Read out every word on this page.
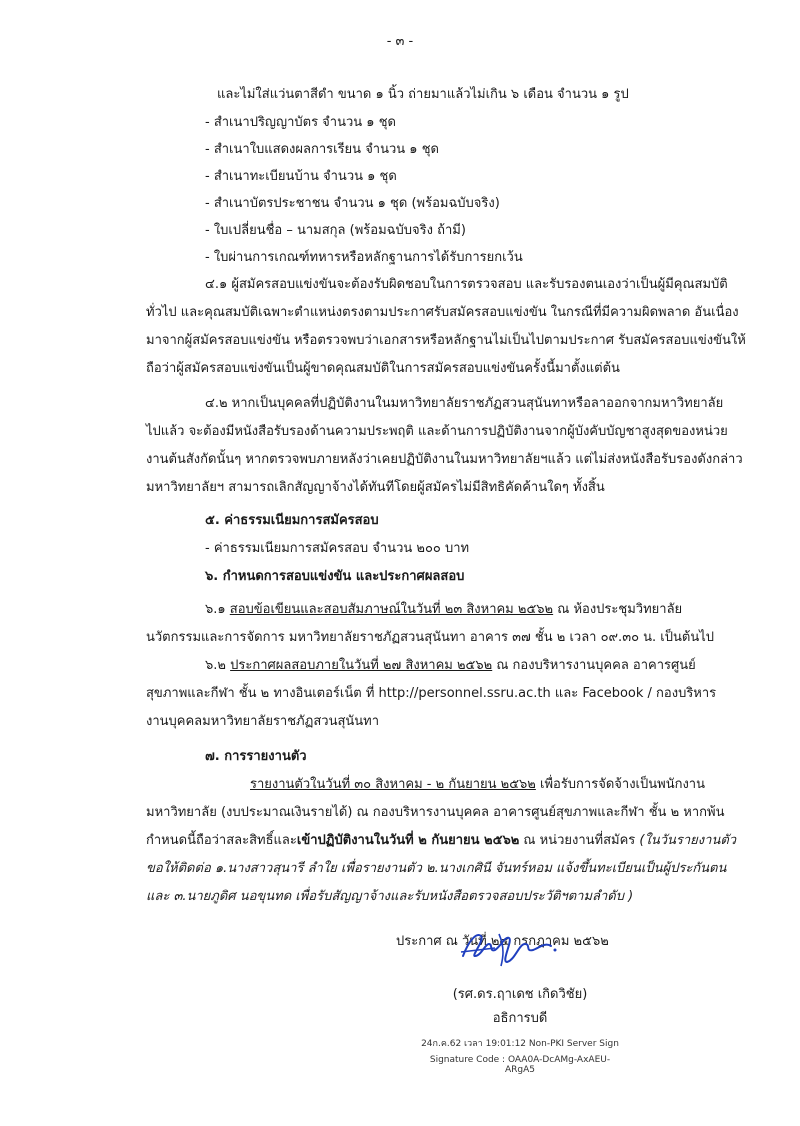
- ๓ -
และไม่ใส่แว่นตาสีดำ ขนาด ๑ นิ้ว ถ่ายมาแล้วไม่เกิน ๖ เดือน จำนวน ๑ รูป
- สำเนาปริญญาบัตร จำนวน ๑ ชุด
- สำเนาใบแสดงผลการเรียน จำนวน ๑ ชุด
- สำเนาทะเบียนบ้าน จำนวน ๑ ชุด
- สำเนาบัตรประชาชน จำนวน ๑ ชุด (พร้อมฉบับจริง)
- ใบเปลี่ยนชื่อ – นามสกุล (พร้อมฉบับจริง ถ้ามี)
- ใบผ่านการเกณฑ์ทหารหรือหลักฐานการได้รับการยกเว้น
๔.๑ ผู้สมัครสอบแข่งขันจะต้องรับผิดชอบในการตรวจสอบ และรับรองตนเองว่าเป็นผู้มีคุณสมบัติ
ทั่วไป และคุณสมบัติเฉพาะตำแหน่งตรงตามประกาศรับสมัครสอบแข่งขัน ในกรณีที่มีความผิดพลาด อันเนื่อง
มาจากผู้สมัครสอบแข่งขัน หรือตรวจพบว่าเอกสารหรือหลักฐานไม่เป็นไปตามประกาศ รับสมัครสอบแข่งขันให้
ถือว่าผู้สมัครสอบแข่งขันเป็นผู้ขาดคุณสมบัติในการสมัครสอบแข่งขันครั้งนี้มาตั้งแต่ต้น
๔.๒ หากเป็นบุคคลที่ปฏิบัติงานในมหาวิทยาลัยราชภัฏสวนสุนันทาหรือลาออกจากมหาวิทยาลัย
ไปแล้ว จะต้องมีหนังสือรับรองด้านความประพฤติ และด้านการปฏิบัติงานจากผู้บังคับบัญชาสูงสุดของหน่วย
งานต้นสังกัดนั้นๆ หากตรวจพบภายหลังว่าเคยปฏิบัติงานในมหาวิทยาลัยฯแล้ว แต่ไม่ส่งหนังสือรับรองดังกล่าว
มหาวิทยาลัยฯ สามารถเลิกสัญญาจ้างได้ทันทีโดยผู้สมัครไม่มีสิทธิคัดค้านใดๆ ทั้งสิ้น
๕. ค่าธรรมเนียมการสมัครสอบ
- ค่าธรรมเนียมการสมัครสอบ จำนวน ๒๐๐ บาท
๖. กำหนดการสอบแข่งขัน และประกาศผลสอบ
๖.๑ สอบข้อเขียนและสอบสัมภาษณ์ในวันที่ ๒๓ สิงหาคม ๒๕๖๒ ณ ห้องประชุมวิทยาลัย
นวัตกรรมและการจัดการ มหาวิทยาลัยราชภัฏสวนสุนันทา อาคาร ๓๗ ชั้น ๒ เวลา ๐๙.๓๐ น. เป็นต้นไป
๖.๒ ประกาศผลสอบภายในวันที่ ๒๗ สิงหาคม ๒๕๖๒ ณ กองบริหารงานบุคคล อาคารศูนย์
สุขภาพและกีฬา ชั้น ๒ ทางอินเตอร์เน็ต ที่ http://personnel.ssru.ac.th และ Facebook / กองบริหาร
งานบุคคลมหาวิทยาลัยราชภัฏสวนสุนันทา
๗. การรายงานตัว
รายงานตัวในวันที่ ๓๐ สิงหาคม - ๒ กันยายน ๒๕๖๒ เพื่อรับการจัดจ้างเป็นพนักงาน
มหาวิทยาลัย (งบประมาณเงินรายได้) ณ กองบริหารงานบุคคล อาคารศูนย์สุขภาพและกีฬา ชั้น ๒ หากพ้น
กำหนดนี้ถือว่าสละสิทธิ์และเข้าปฏิบัติงานในวันที่ ๒ กันยายน ๒๕๖๒ ณ หน่วยงานที่สมัคร (ในวันรายงานตัว
ขอให้ติดต่อ ๑.นางสาวสุนารี ลำใย เพื่อรายงานตัว ๒.นางเกศินี จันทร์หอม แจ้งขึ้นทะเบียนเป็นผู้ประกันตน
และ ๓.นายภูดิศ นอขุนทด เพื่อรับสัญญาจ้างและรับหนังสือตรวจสอบประวัติฯตามลำดับ )
ประกาศ ณ วันที่ ๒๔ กรกฎาคม ๒๕๖๒
(รศ.ดร.ฤาเดช เกิดวิชัย)
อธิการบดี
24ก.ค.62 เวลา 19:01:12 Non-PKI Server Sign
Signature Code : OAA0A-DcAMg-AxAEU-ARgA5
